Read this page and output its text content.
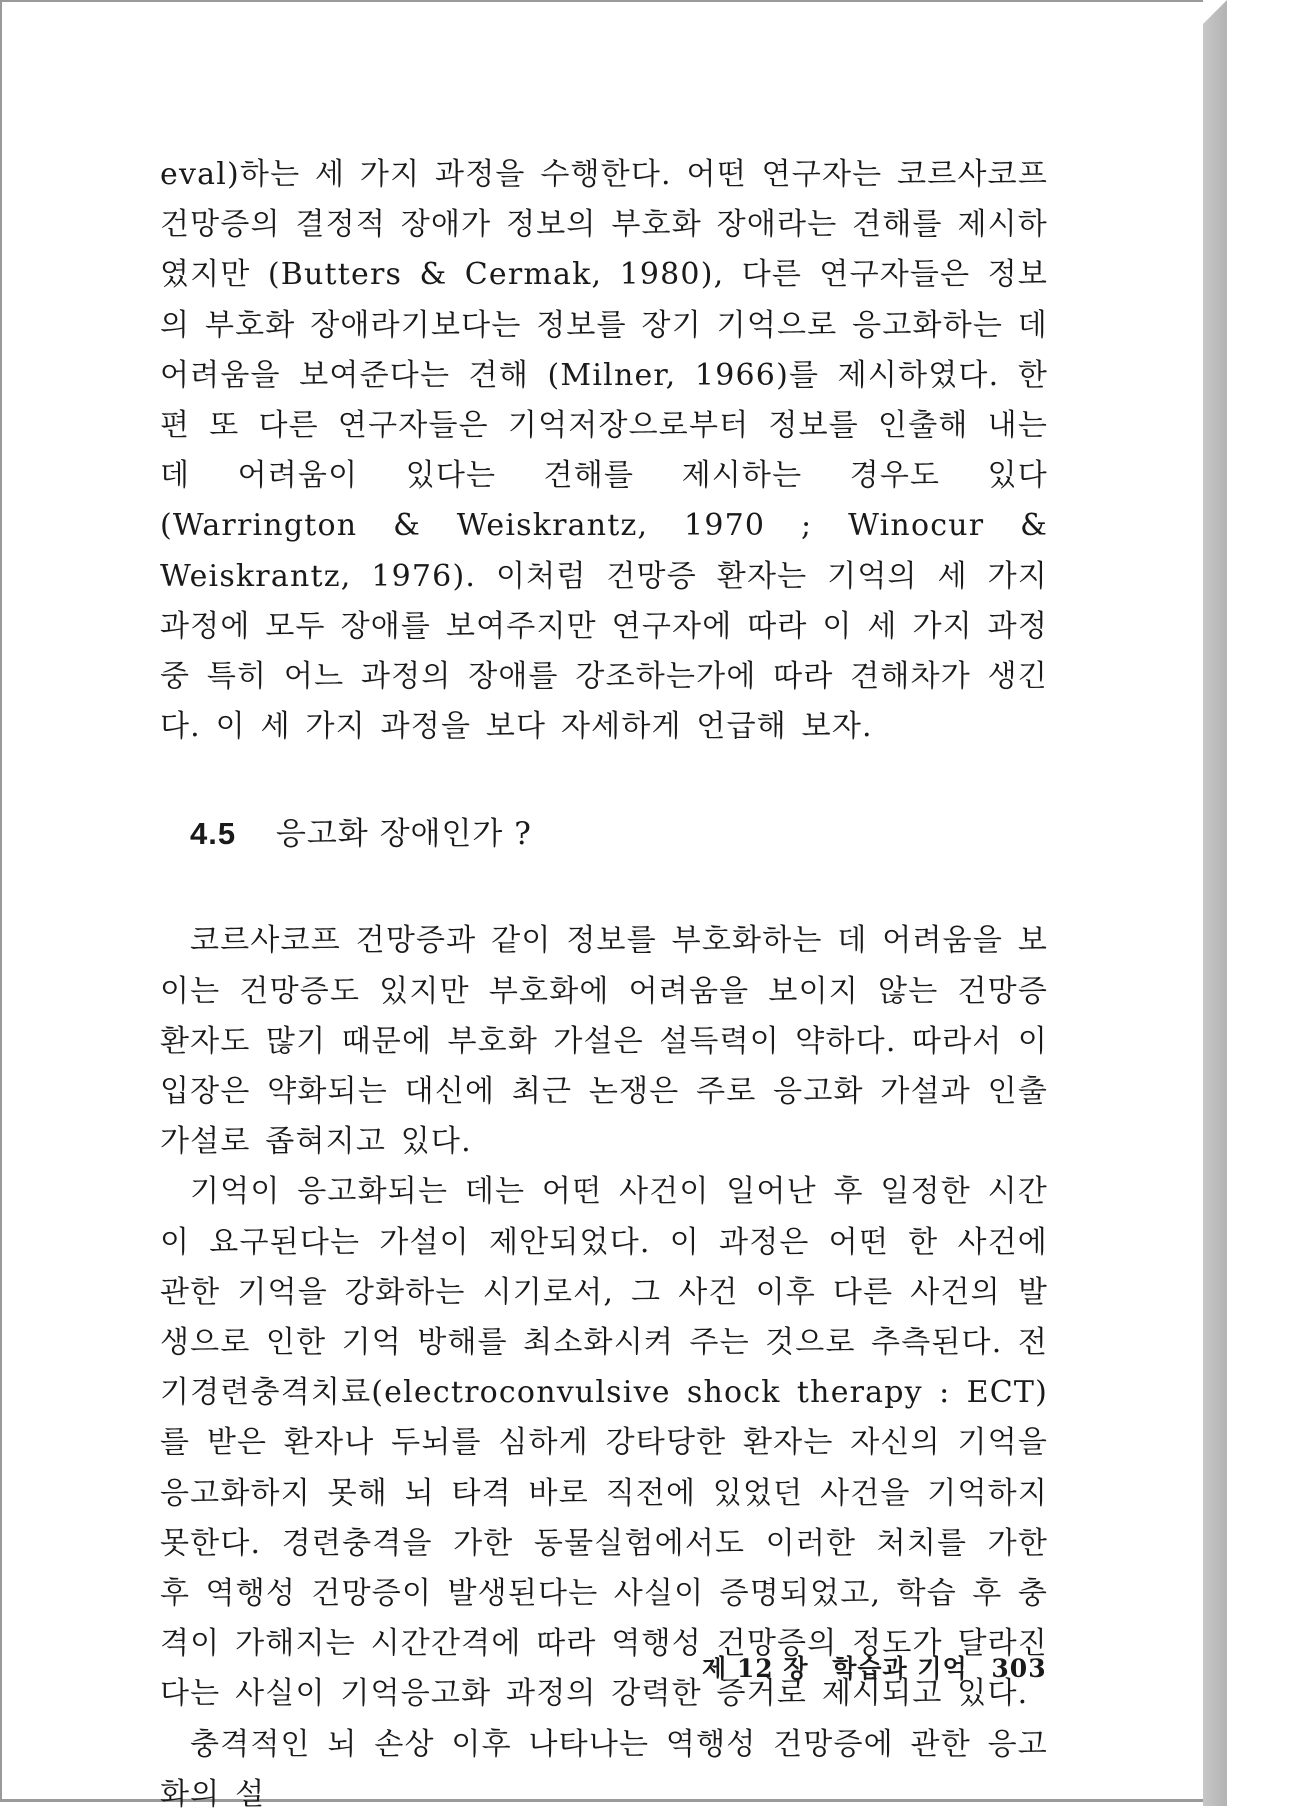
eval)하는 세 가지 과정을 수행한다. 어떤 연구자는 코르사코프 건망증의 결정적 장애가 정보의 부호화 장애라는 견해를 제시하였지만 (Butters & Cermak, 1980), 다른 연구자들은 정보의 부호화 장애라기보다는 정보를 장기 기억으로 응고화하는 데 어려움을 보여준다는 견해 (Milner, 1966)를 제시하였다. 한편 또 다른 연구자들은 기억저장으로부터 정보를 인출해 내는 데 어려움이 있다는 견해를 제시하는 경우도 있다(Warrington & Weiskrantz, 1970 ; Winocur & Weiskrantz, 1976). 이처럼 건망증 환자는 기억의 세 가지 과정에 모두 장애를 보여주지만 연구자에 따라 이 세 가지 과정 중 특히 어느 과정의 장애를 강조하는가에 따라 견해차가 생긴다. 이 세 가지 과정을 보다 자세하게 언급해 보자.

4.5 응고화 장애인가 ?

코르사코프 건망증과 같이 정보를 부호화하는 데 어려움을 보이는 건망증도 있지만 부호화에 어려움을 보이지 않는 건망증 환자도 많기 때문에 부호화 가설은 설득력이 약하다. 따라서 이 입장은 약화되는 대신에 최근 논쟁은 주로 응고화 가설과 인출가설로 좁혀지고 있다.

기억이 응고화되는 데는 어떤 사건이 일어난 후 일정한 시간이 요구된다는 가설이 제안되었다. 이 과정은 어떤 한 사건에 관한 기억을 강화하는 시기로서, 그 사건 이후 다른 사건의 발생으로 인한 기억 방해를 최소화시켜 주는 것으로 추측된다. 전기경련충격치료(electroconvulsive shock therapy : ECT)를 받은 환자나 두뇌를 심하게 강타당한 환자는 자신의 기억을 응고화하지 못해 뇌 타격 바로 직전에 있었던 사건을 기억하지 못한다. 경련충격을 가한 동물실험에서도 이러한 처치를 가한 후 역행성 건망증이 발생된다는 사실이 증명되었고, 학습 후 충격이 가해지는 시간간격에 따라 역행성 건망증의 정도가 달라진다는 사실이 기억응고화 과정의 강력한 증거로 제시되고 있다.

충격적인 뇌 손상 이후 나타나는 역행성 건망증에 관한 응고화의 설

제 12 장 학습과 기억 303
